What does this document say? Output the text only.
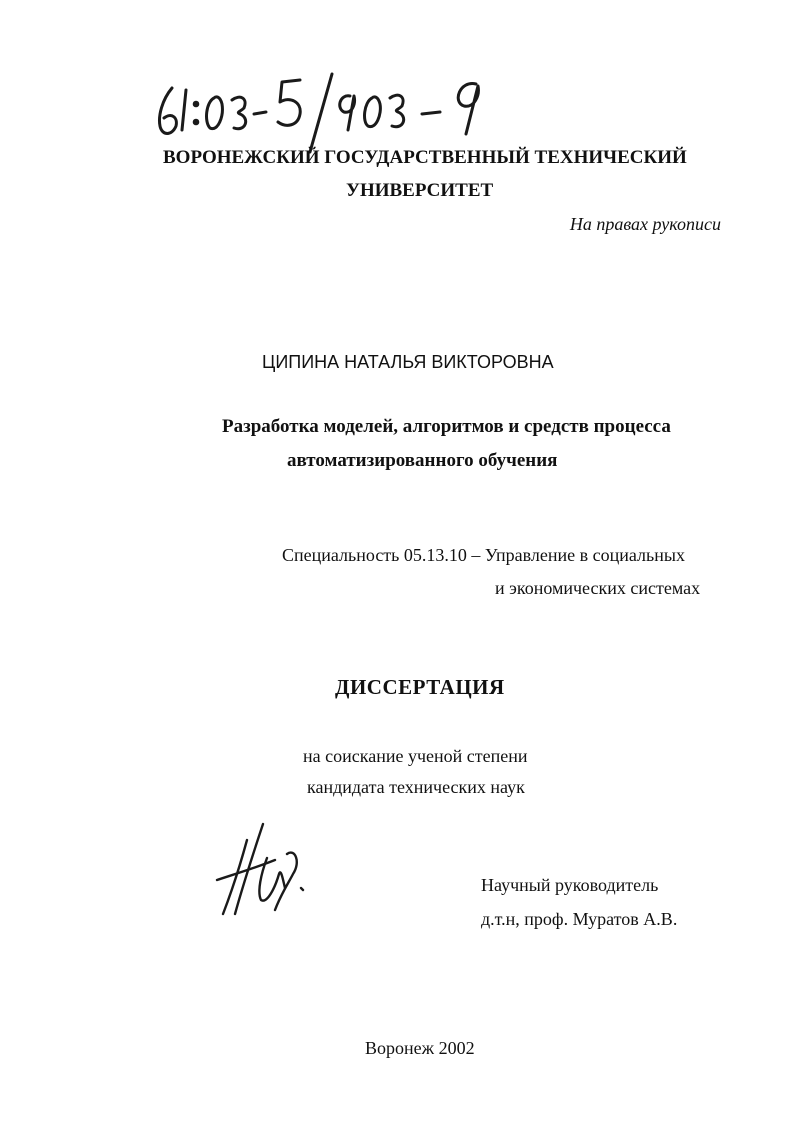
ВОРОНЕЖСКИЙ ГОСУДАРСТВЕННЫЙ ТЕХНИЧЕСКИЙ
УНИВЕРСИТЕТ
На правах рукописи
ЦИПИНА НАТАЛЬЯ ВИКТОРОВНА
Разработка моделей, алгоритмов и средств процесса
автоматизированного обучения
Специальность 05.13.10 – Управление в социальных
и экономических системах
ДИССЕРТАЦИЯ
на соискание ученой степени
кандидата технических наук
Научный руководитель
д.т.н, проф. Муратов А.В.
Воронеж 2002
